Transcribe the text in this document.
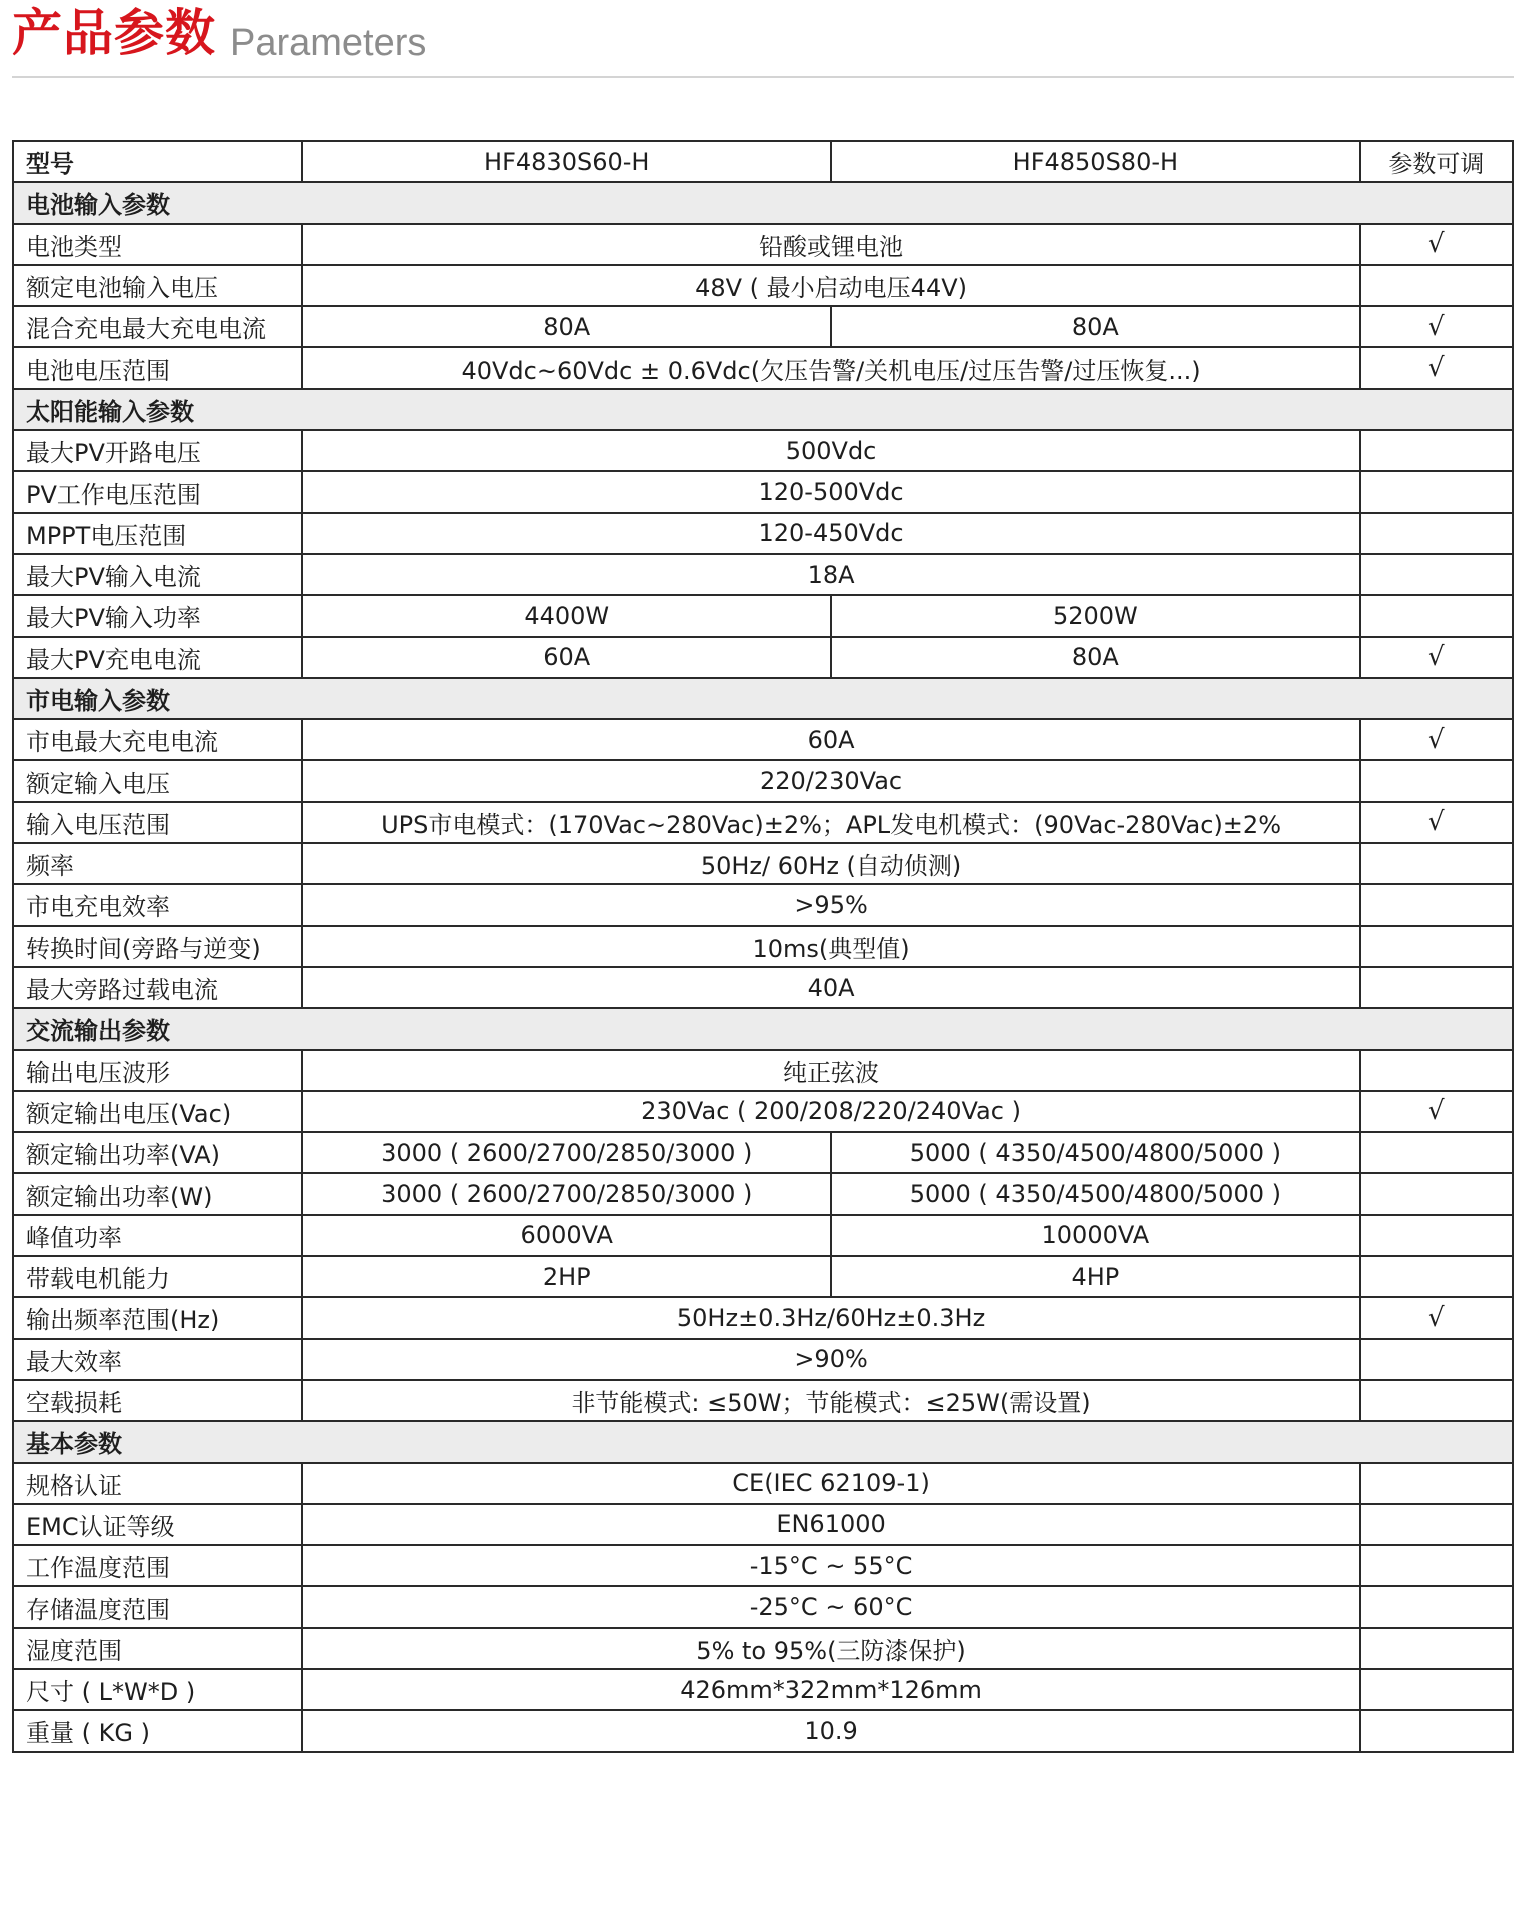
产品参数 Parameters
型号	HF4830S60-H	HF4850S80-H	参数可调
电池输入参数			
电池类型	铅酸或锂电池		√
额定电池输入电压	48V ( 最小启动电压44V)		
混合充电最大充电电流	80A	80A	√
电池电压范围	40Vdc~60Vdc ± 0.6Vdc(欠压告警/关机电压/过压告警/过压恢复...)		√
太阳能输入参数			
最大PV开路电压	500Vdc		
PV工作电压范围	120-500Vdc		
MPPT电压范围	120-450Vdc		
最大PV输入电流	18A		
最大PV输入功率	4400W	5200W	
最大PV充电电流	60A	80A	√
市电输入参数			
市电最大充电电流	60A		√
额定输入电压	220/230Vac		
输入电压范围	UPS市电模式：(170Vac~280Vac)±2%；APL发电机模式：(90Vac-280Vac)±2%		√
频率	50Hz/ 60Hz (自动侦测)		
市电充电效率	>95%		
转换时间(旁路与逆变)	10ms(典型值)		
最大旁路过载电流	40A		
交流输出参数			
输出电压波形	纯正弦波		
额定输出电压(Vac)	230Vac ( 200/208/220/240Vac )		√
额定输出功率(VA)	3000 ( 2600/2700/2850/3000 )	5000 ( 4350/4500/4800/5000 )	
额定输出功率(W)	3000 ( 2600/2700/2850/3000 )	5000 ( 4350/4500/4800/5000 )	
峰值功率	6000VA	10000VA	
带载电机能力	2HP	4HP	
输出频率范围(Hz)	50Hz±0.3Hz/60Hz±0.3Hz		√
最大效率	>90%		
空载损耗	非节能模式: ≤50W；节能模式：≤25W(需设置)		
基本参数			
规格认证	CE(IEC 62109-1)		
EMC认证等级	EN61000		
工作温度范围	-15°C ~ 55°C		
存储温度范围	-25°C ~ 60°C		
湿度范围	5% to 95%(三防漆保护)		
尺寸 ( L*W*D )	426mm*322mm*126mm		
重量 ( KG )	10.9		
